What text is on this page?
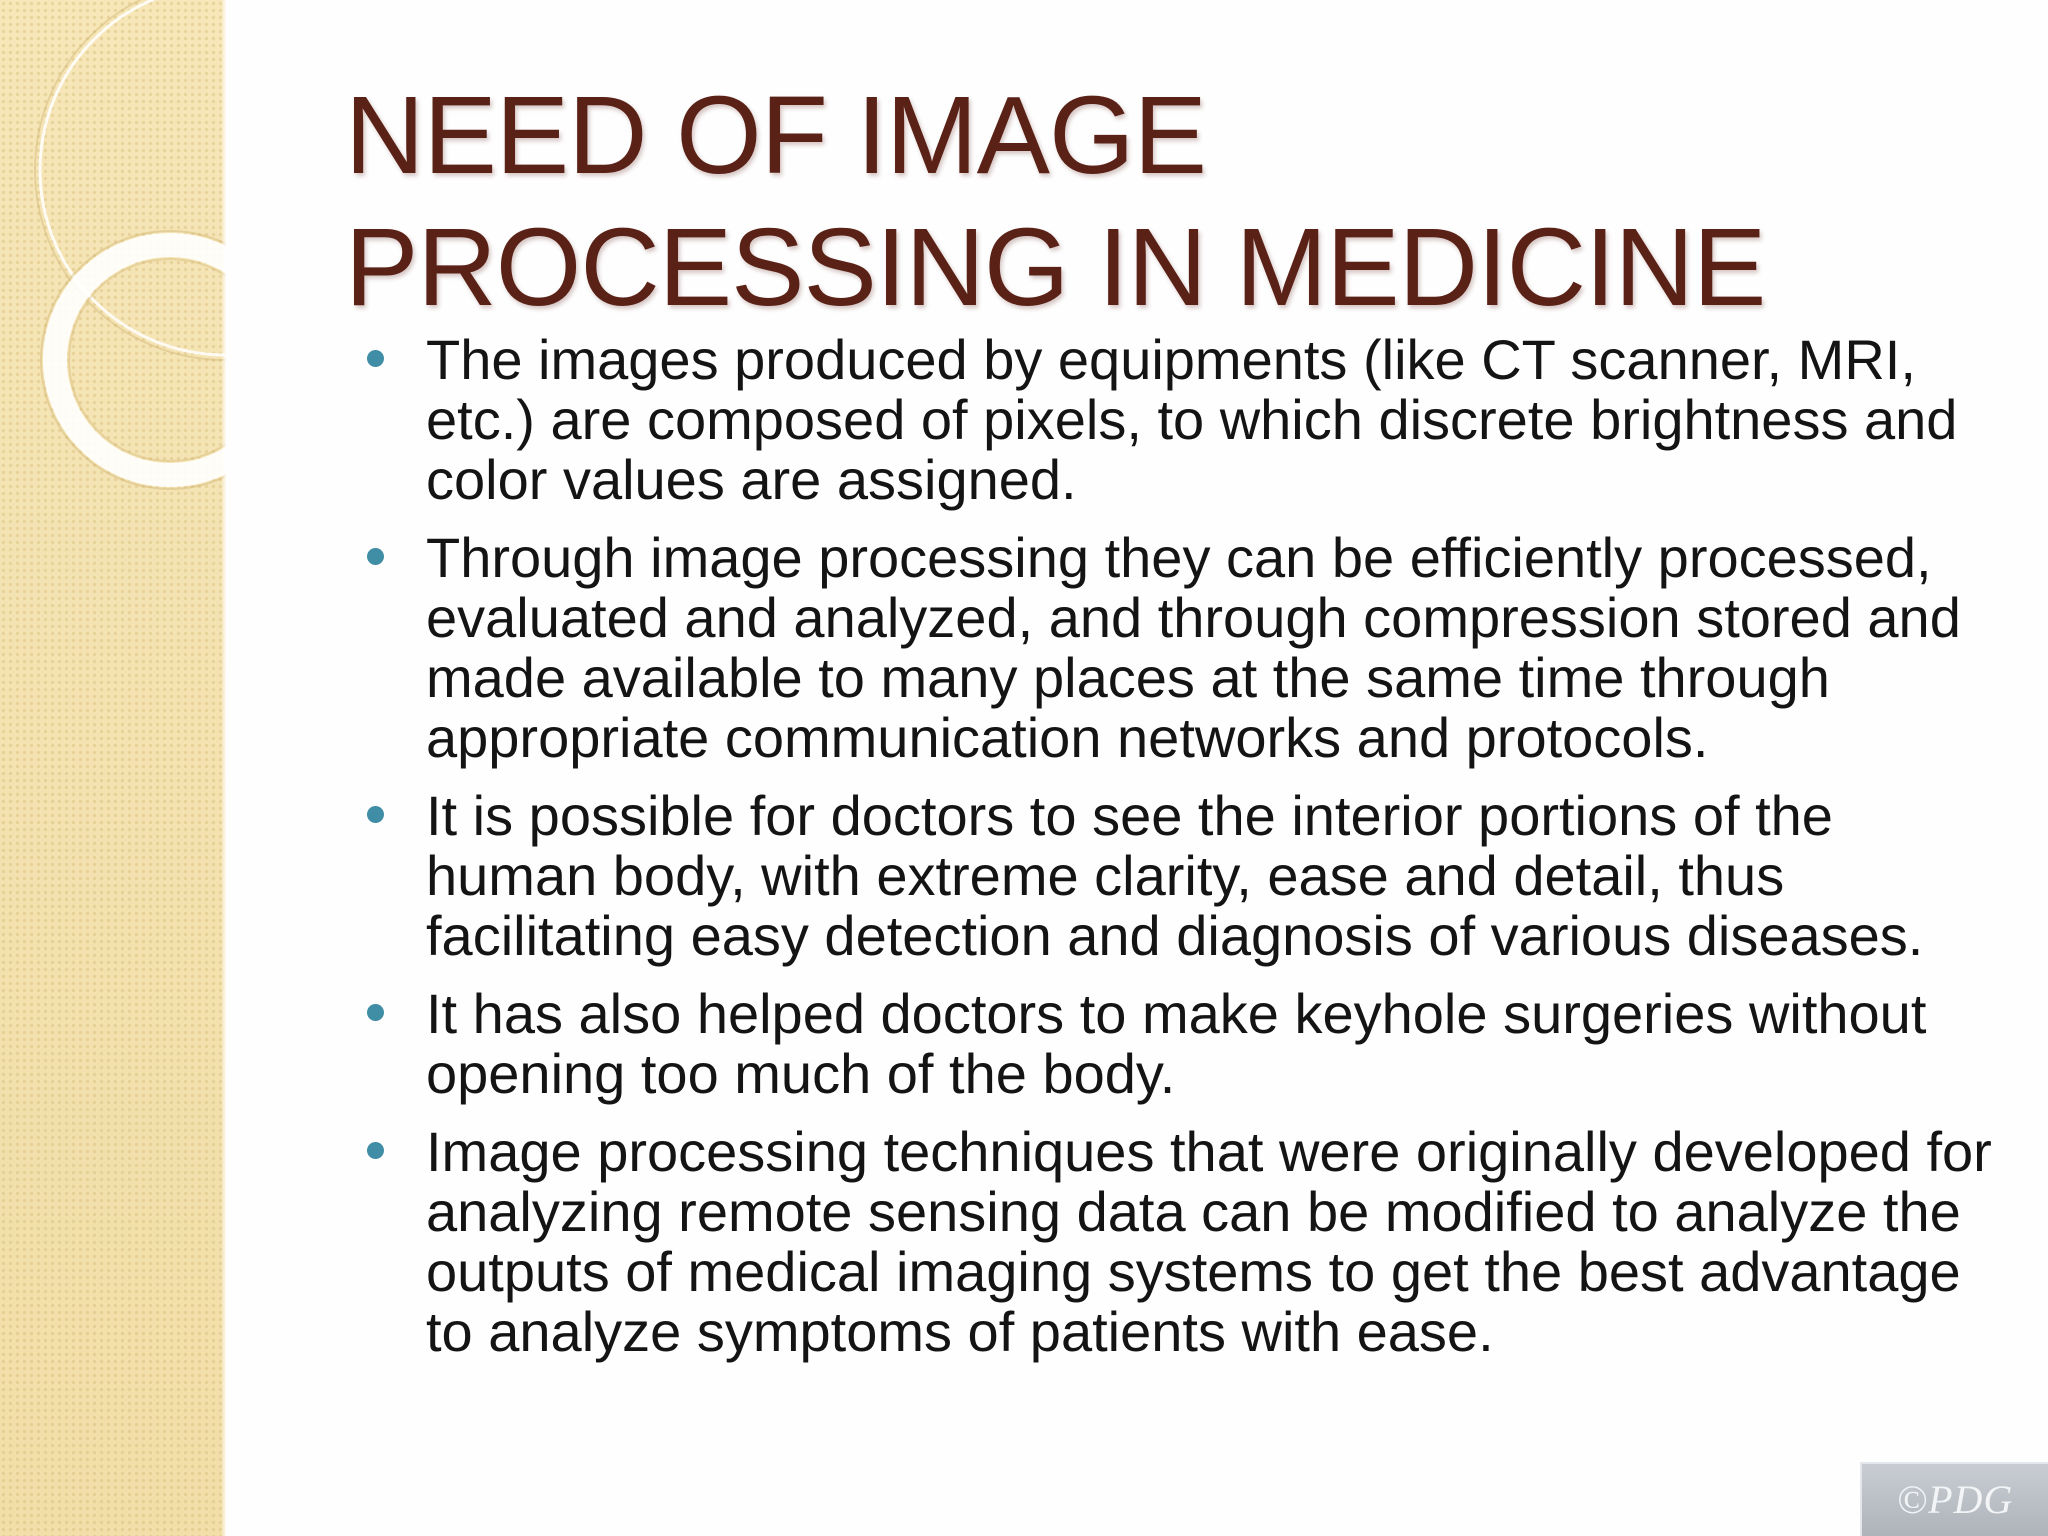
NEED OF IMAGE
PROCESSING IN MEDICINE
The images produced by equipments (like CT scanner, MRI, etc.) are composed of pixels, to which discrete brightness and color values are assigned.
Through image processing they can be efficiently processed, evaluated and analyzed, and through compression stored and made available to many places at the same time through appropriate communication networks and protocols.
It is possible for doctors to see the interior portions of the human body, with extreme clarity, ease and detail, thus facilitating easy detection and diagnosis of various diseases.
It has also helped doctors to make keyhole surgeries without opening too much of the body.
Image processing techniques that were originally developed for analyzing remote sensing data can be modified to analyze the outputs of medical imaging systems to get the best advantage to analyze symptoms of patients with ease.
©PDG
